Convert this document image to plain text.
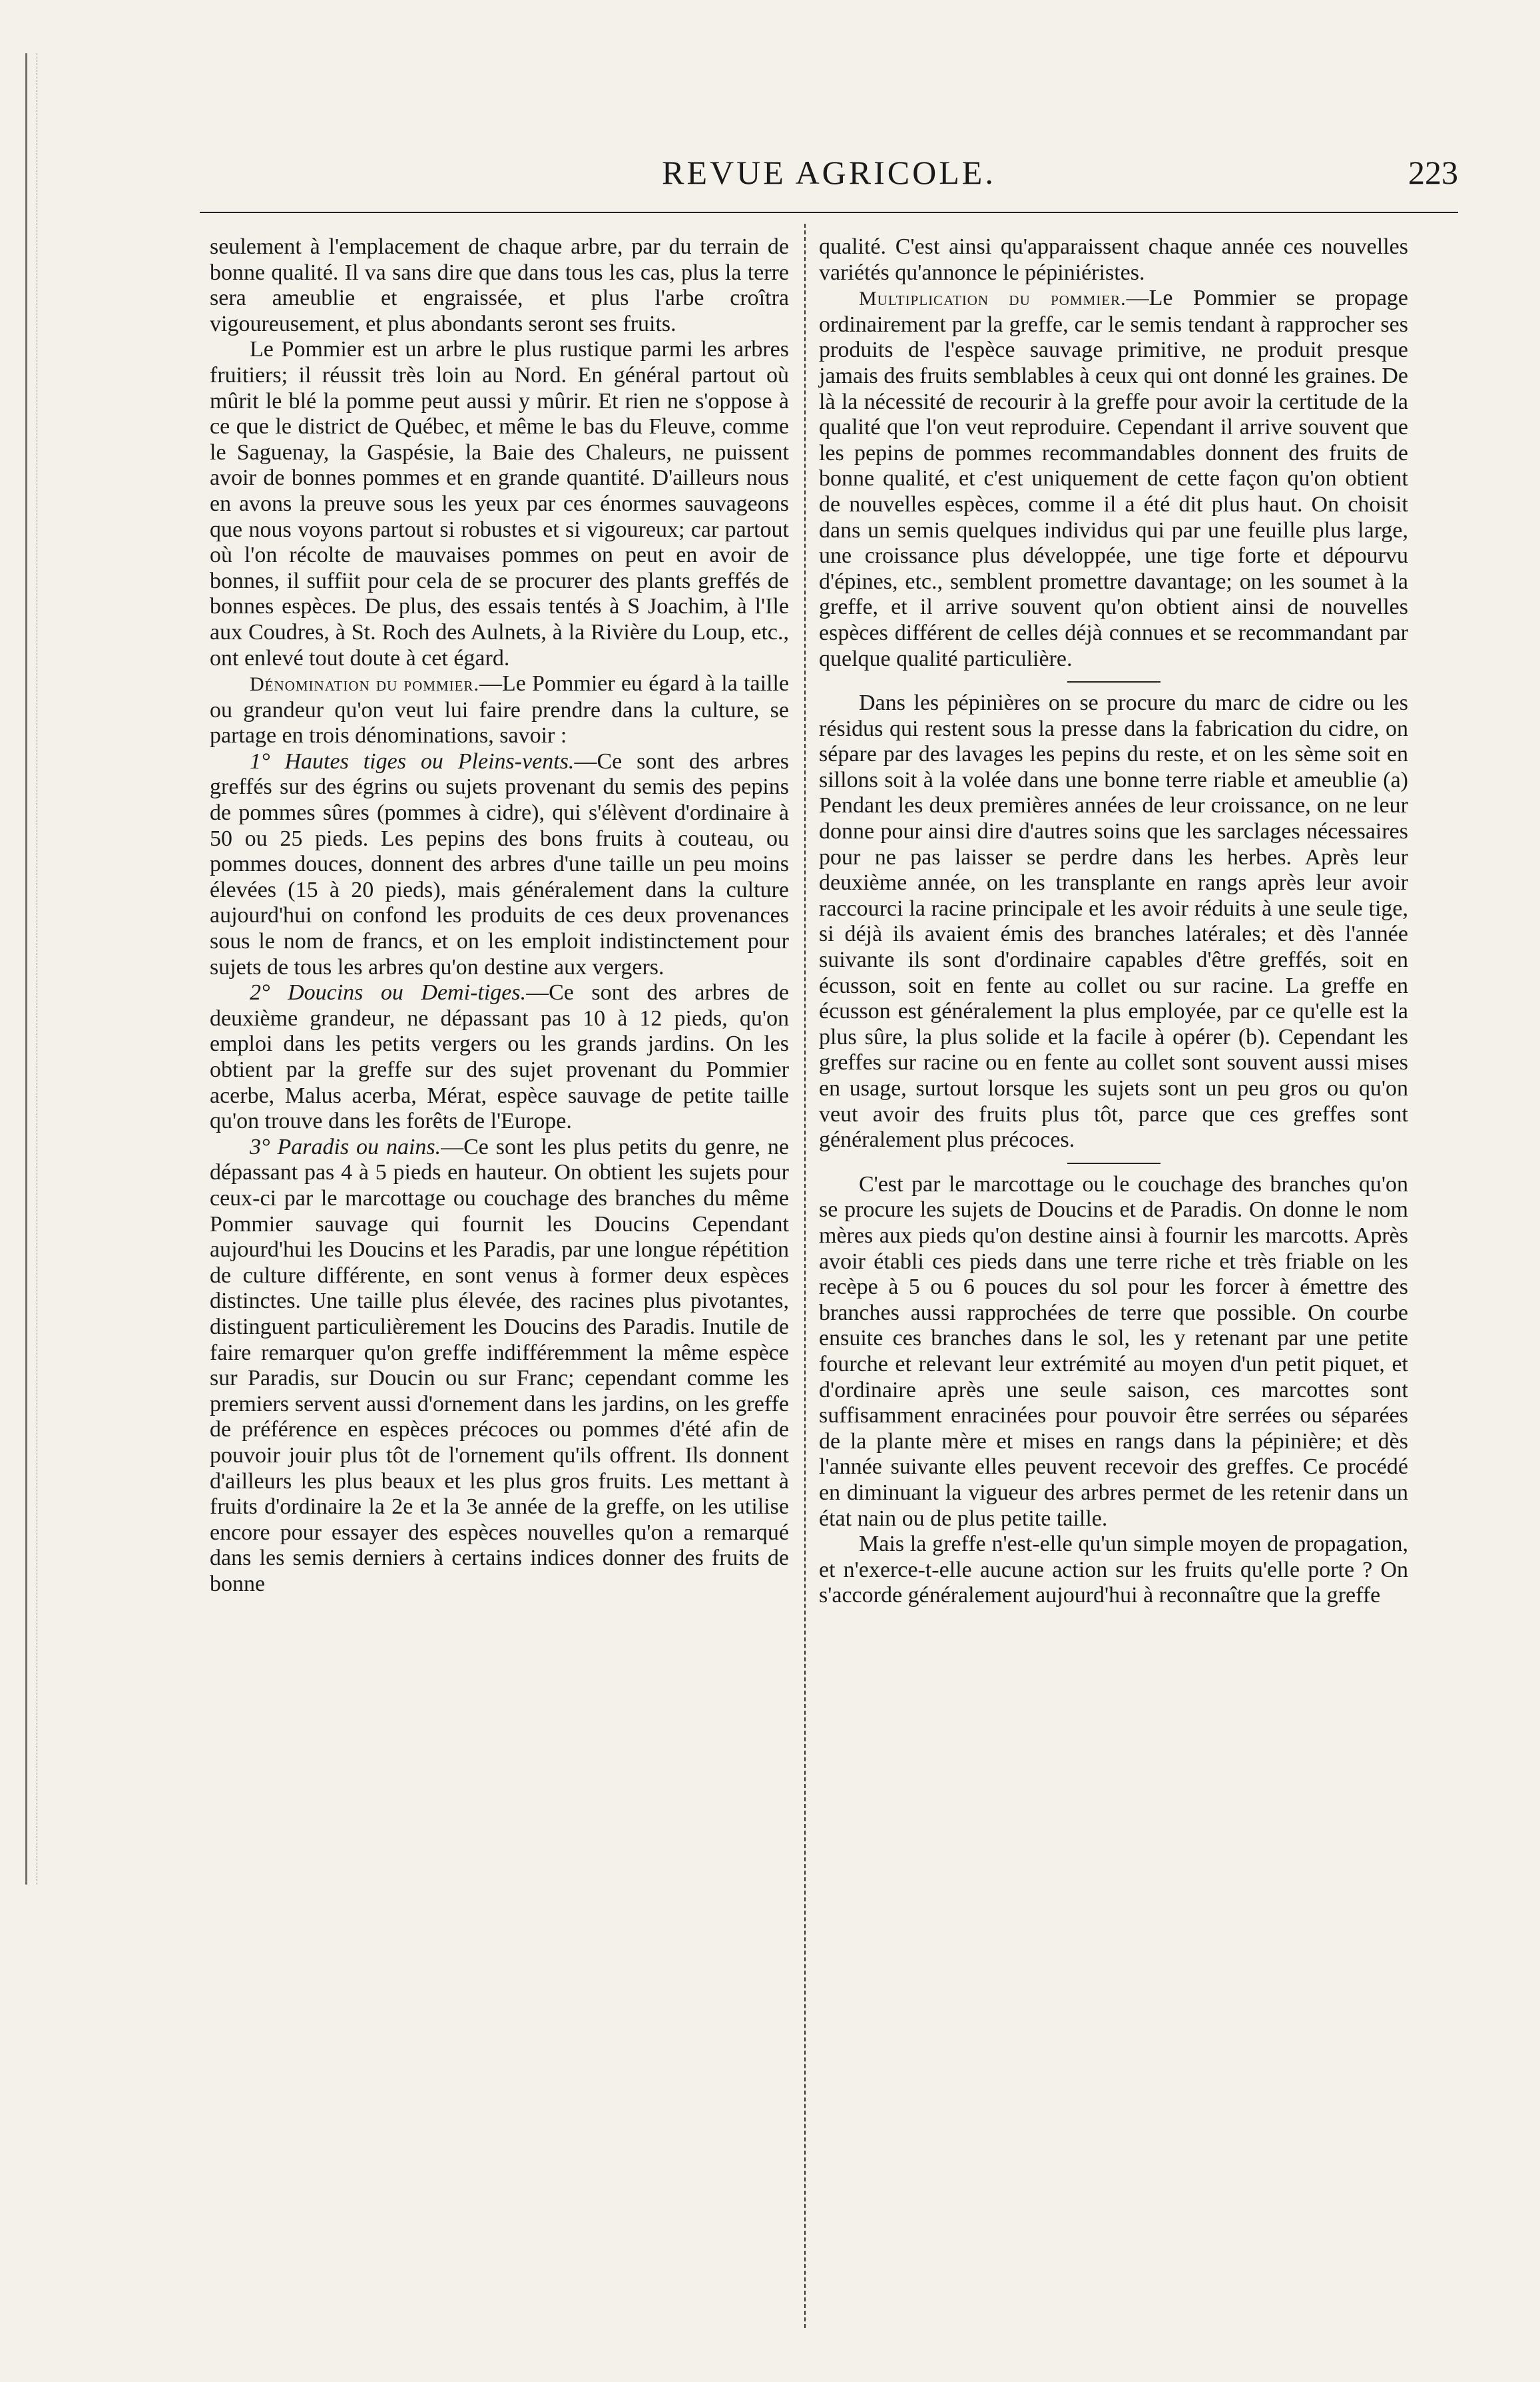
REVUE AGRICOLE.	223

seulement à l'emplacement de chaque arbre, par du terrain de bonne qualité. Il va sans dire que dans tous les cas, plus la terre sera ameublie et engraissée, et plus l'arbe croîtra vigoureusement, et plus abondants seront ses fruits.

Le Pommier est un arbre le plus rustique parmi les arbres fruitiers; il réussit très loin au Nord. En général partout où mûrit le blé la pomme peut aussi y mûrir. Et rien ne s'oppose à ce que le district de Québec, et même le bas du Fleuve, comme le Saguenay, la Gaspésie, la Baie des Chaleurs, ne puissent avoir de bonnes pommes et en grande quantité. D'ailleurs nous en avons la preuve sous les yeux par ces énormes sauvageons que nous voyons partout si robustes et si vigoureux; car partout où l'on récolte de mauvaises pommes on peut en avoir de bonnes, il suffiit pour cela de se procurer des plants greffés de bonnes espèces. De plus, des essais tentés à S Joachim, à l'Ile aux Coudres, à St. Roch des Aulnets, à la Rivière du Loup, etc., ont enlevé tout doute à cet égard.

Dénomination du pommier.—Le Pommier eu égard à la taille ou grandeur qu'on veut lui faire prendre dans la culture, se partage en trois dénominations, savoir :

1° Hautes tiges ou Pleins-vents.—Ce sont des arbres greffés sur des égrins ou sujets provenant du semis des pepins de pommes sûres (pommes à cidre), qui s'élèvent d'ordinaire à 50 ou 25 pieds. Les pepins des bons fruits à couteau, ou pommes douces, donnent des arbres d'une taille un peu moins élevées (15 à 20 pieds), mais généralement dans la culture aujourd'hui on confond les produits de ces deux provenances sous le nom de francs, et on les emploit indistinctement pour sujets de tous les arbres qu'on destine aux vergers.

2° Doucins ou Demi-tiges.—Ce sont des arbres de deuxième grandeur, ne dépassant pas 10 à 12 pieds, qu'on emploi dans les petits vergers ou les grands jardins. On les obtient par la greffe sur des sujet provenant du Pommier acerbe, Malus acerba, Mérat, espèce sauvage de petite taille qu'on trouve dans les forêts de l'Europe.

3° Paradis ou nains.—Ce sont les plus petits du genre, ne dépassant pas 4 à 5 pieds en hauteur. On obtient les sujets pour ceux-ci par le marcottage ou couchage des branches du même Pommier sauvage qui fournit les Doucins Cependant aujourd'hui les Doucins et les Paradis, par une longue répétition de culture différente, en sont venus à former deux espèces distinctes. Une taille plus élevée, des racines plus pivotantes, distinguent particulièrement les Doucins des Paradis. Inutile de faire remarquer qu'on greffe indifféremment la même espèce sur Paradis, sur Doucin ou sur Franc; cependant comme les premiers servent aussi d'ornement dans les jardins, on les greffe de préférence en espèces précoces ou pommes d'été afin de pouvoir jouir plus tôt de l'ornement qu'ils offrent. Ils donnent d'ailleurs les plus beaux et les plus gros fruits. Les mettant à fruits d'ordinaire la 2e et la 3e année de la greffe, on les utilise encore pour essayer des espèces nouvelles qu'on a remarqué dans les semis derniers à certains indices donner des fruits de bonne

qualité. C'est ainsi qu'apparaissent chaque année ces nouvelles variétés qu'annonce le pépiniéristes.

Multiplication du pommier.—Le Pommier se propage ordinairement par la greffe, car le semis tendant à rapprocher ses produits de l'espèce sauvage primitive, ne produit presque jamais des fruits semblables à ceux qui ont donné les graines. De là la nécessité de recourir à la greffe pour avoir la certitude de la qualité que l'on veut reproduire. Cependant il arrive souvent que les pepins de pommes recommandables donnent des fruits de bonne qualité, et c'est uniquement de cette façon qu'on obtient de nouvelles espèces, comme il a été dit plus haut. On choisit dans un semis quelques individus qui par une feuille plus large, une croissance plus développée, une tige forte et dépourvu d'épines, etc., semblent promettre davantage; on les soumet à la greffe, et il arrive souvent qu'on obtient ainsi de nouvelles espèces différent de celles déjà connues et se recommandant par quelque qualité particulière.

Dans les pépinières on se procure du marc de cidre ou les résidus qui restent sous la presse dans la fabrication du cidre, on sépare par des lavages les pepins du reste, et on les sème soit en sillons soit à la volée dans une bonne terre riable et ameublie (a) Pendant les deux premières années de leur croissance, on ne leur donne pour ainsi dire d'autres soins que les sarclages nécessaires pour ne pas laisser se perdre dans les herbes. Après leur deuxième année, on les transplante en rangs après leur avoir raccourci la racine principale et les avoir réduits à une seule tige, si déjà ils avaient émis des branches latérales; et dès l'année suivante ils sont d'ordinaire capables d'être greffés, soit en écusson, soit en fente au collet ou sur racine. La greffe en écusson est généralement la plus employée, par ce qu'elle est la plus sûre, la plus solide et la facile à opérer (b). Cependant les greffes sur racine ou en fente au collet sont souvent aussi mises en usage, surtout lorsque les sujets sont un peu gros ou qu'on veut avoir des fruits plus tôt, parce que ces greffes sont généralement plus précoces.

C'est par le marcottage ou le couchage des branches qu'on se procure les sujets de Doucins et de Paradis. On donne le nom mères aux pieds qu'on destine ainsi à fournir les marcotts. Après avoir établi ces pieds dans une terre riche et très friable on les recèpe à 5 ou 6 pouces du sol pour les forcer à émettre des branches aussi rapprochées de terre que possible. On courbe ensuite ces branches dans le sol, les y retenant par une petite fourche et relevant leur extrémité au moyen d'un petit piquet, et d'ordinaire après une seule saison, ces marcottes sont suffisamment enracinées pour pouvoir être serrées ou séparées de la plante mère et mises en rangs dans la pépinière; et dès l'année suivante elles peuvent recevoir des greffes. Ce procédé en diminuant la vigueur des arbres permet de les retenir dans un état nain ou de plus petite taille.

Mais la greffe n'est-elle qu'un simple moyen de propagation, et n'exerce-t-elle aucune action sur les fruits qu'elle porte ? On s'accorde généralement aujourd'hui à reconnaître que la greffe
